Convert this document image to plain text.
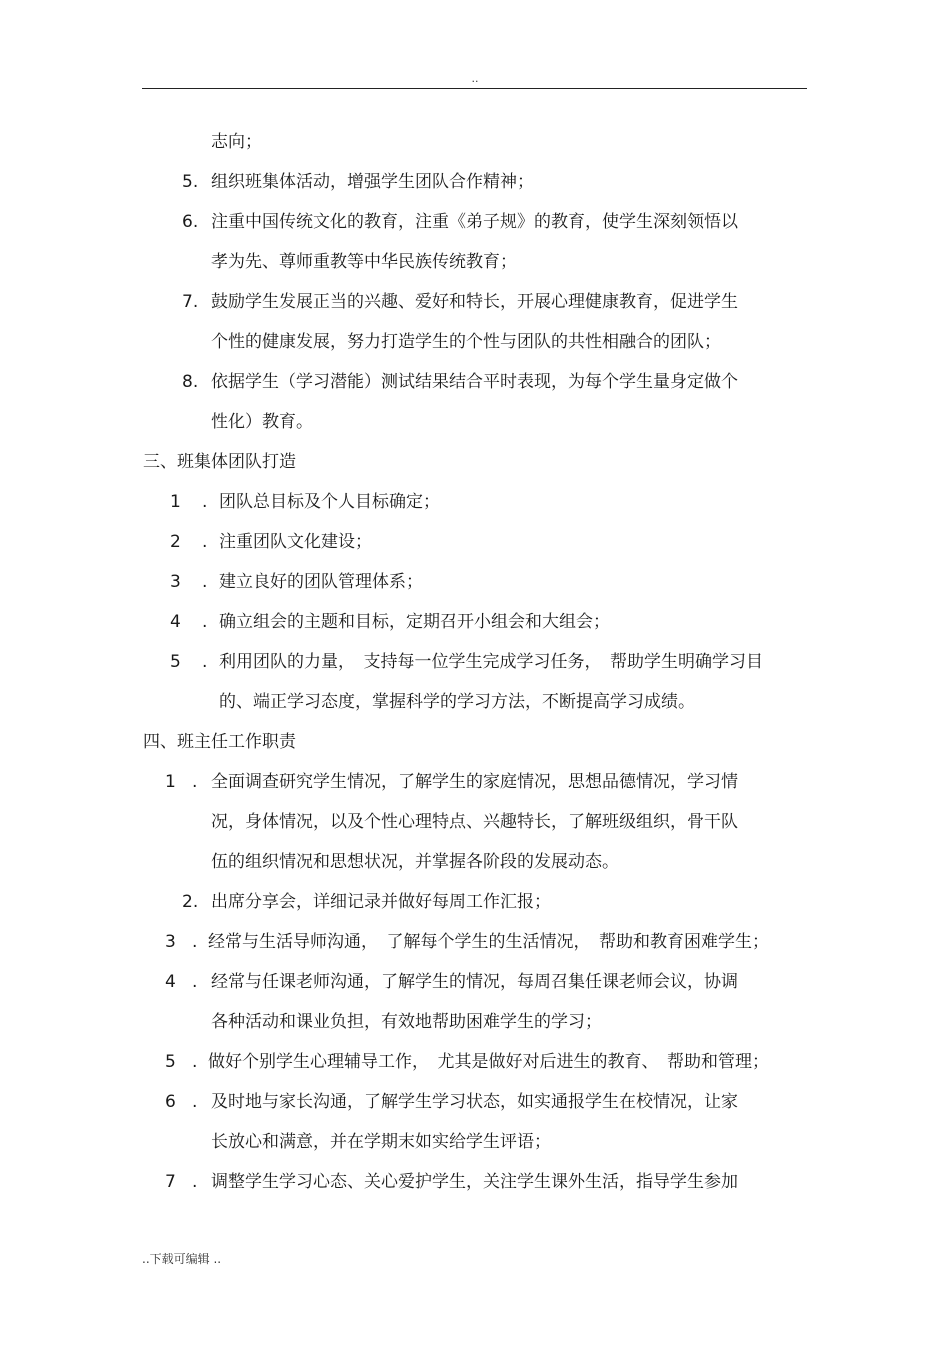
..
志向；
5. 组织班集体活动，增强学生团队合作精神；
6. 注重中国传统文化的教育，注重《弟子规》的教育，使学生深刻领悟以
孝为先、尊师重教等中华民族传统教育；
7. 鼓励学生发展正当的兴趣、爱好和特长，开展心理健康教育，促进学生
个性的健康发展，努力打造学生的个性与团队的共性相融合的团队；
8. 依据学生（学习潜能）测试结果结合平时表现，为每个学生量身定做个
性化）教育。
三、班集体团队打造
1 . 团队总目标及个人目标确定；
2 . 注重团队文化建设；
3 . 建立良好的团队管理体系；
4 . 确立组会的主题和目标，定期召开小组会和大组会；
5 . 利用团队的力量，　支持每一位学生完成学习任务，　帮助学生明确学习目
的、端正学习态度，掌握科学的学习方法，不断提高学习成绩。
四、班主任工作职责
1 . 全面调查研究学生情况，了解学生的家庭情况，思想品德情况，学习情
况，身体情况，以及个性心理特点、兴趣特长，了解班级组织，骨干队
伍的组织情况和思想状况，并掌握各阶段的发展动态。
2. 出席分享会，详细记录并做好每周工作汇报；
3 . 经常与生活导师沟通，　了解每个学生的生活情况，　帮助和教育困难学生；
4 . 经常与任课老师沟通，了解学生的情况，每周召集任课老师会议，协调
各种活动和课业负担，有效地帮助困难学生的学习；
5 . 做好个别学生心理辅导工作，　尤其是做好对后进生的教育、　帮助和管理；
6 . 及时地与家长沟通，了解学生学习状态，如实通报学生在校情况，让家
长放心和满意，并在学期末如实给学生评语；
7 . 调整学生学习心态、关心爱护学生，关注学生课外生活，指导学生参加
..下载可编辑 ..
